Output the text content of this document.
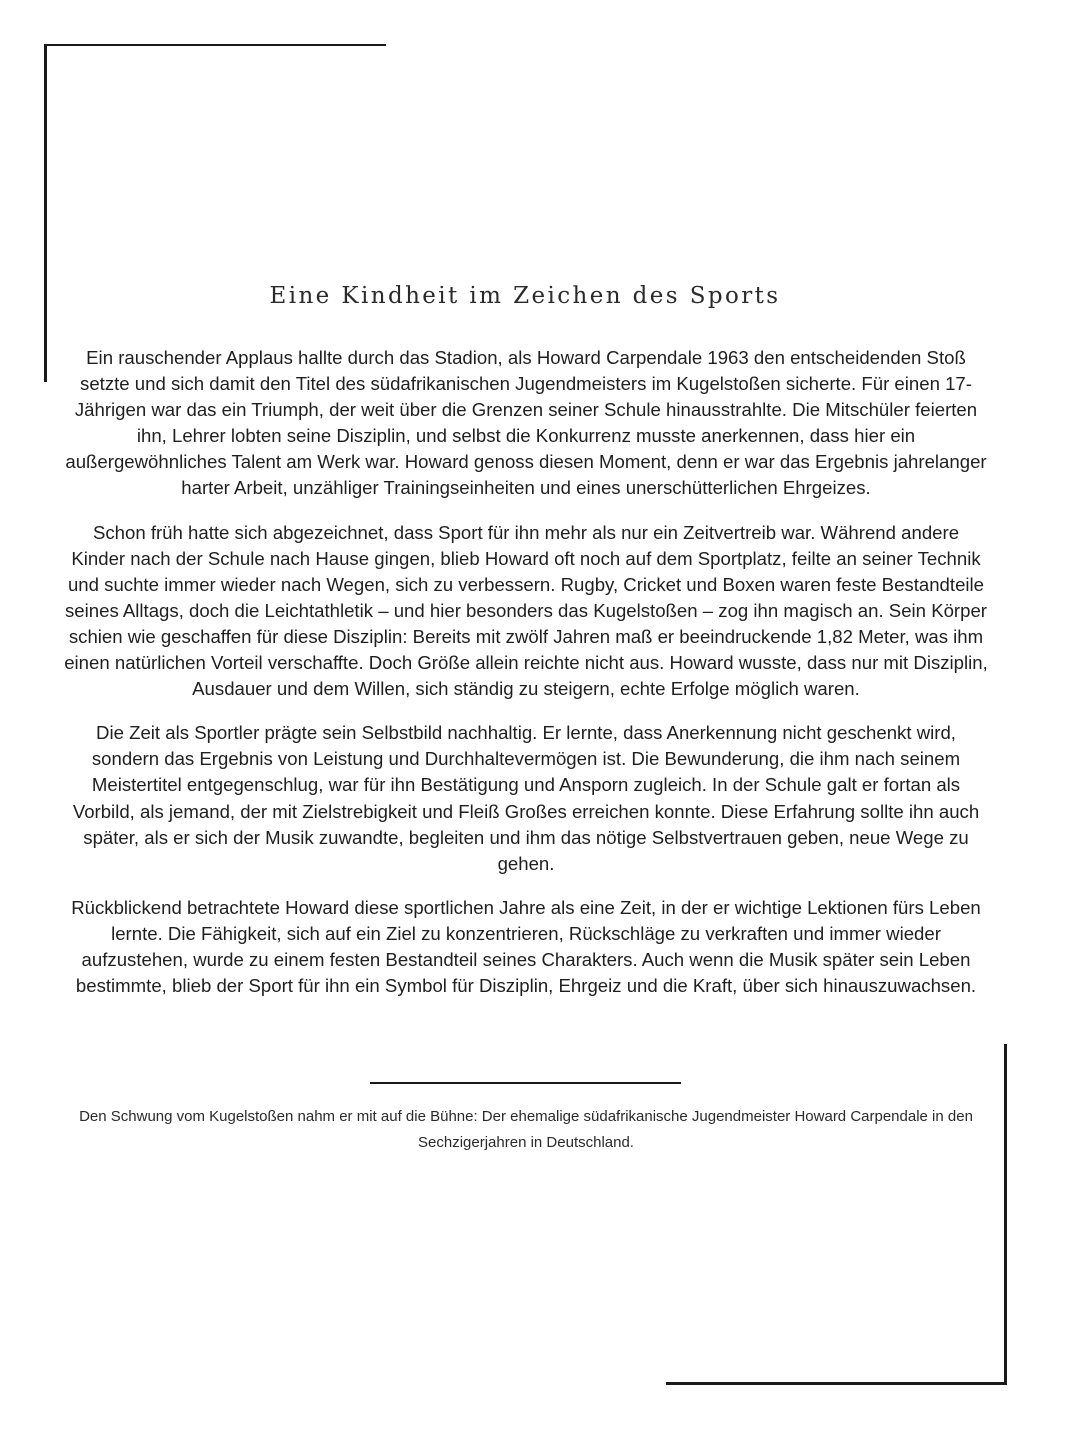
Eine Kindheit im Zeichen des Sports

Ein rauschender Applaus hallte durch das Stadion, als Howard Carpendale 1963 den entscheidenden Stoß setzte und sich damit den Titel des südafrikanischen Jugendmeisters im Kugelstoßen sicherte. Für einen 17-Jährigen war das ein Triumph, der weit über die Grenzen seiner Schule hinausstrahlte. Die Mitschüler feierten ihn, Lehrer lobten seine Disziplin, und selbst die Konkurrenz musste anerkennen, dass hier ein außergewöhnliches Talent am Werk war. Howard genoss diesen Moment, denn er war das Ergebnis jahrelanger harter Arbeit, unzähliger Trainingseinheiten und eines unerschütterlichen Ehrgeizes.

Schon früh hatte sich abgezeichnet, dass Sport für ihn mehr als nur ein Zeitvertreib war. Während andere Kinder nach der Schule nach Hause gingen, blieb Howard oft noch auf dem Sportplatz, feilte an seiner Technik und suchte immer wieder nach Wegen, sich zu verbessern. Rugby, Cricket und Boxen waren feste Bestandteile seines Alltags, doch die Leichtathletik – und hier besonders das Kugelstoßen – zog ihn magisch an. Sein Körper schien wie geschaffen für diese Disziplin: Bereits mit zwölf Jahren maß er beeindruckende 1,82 Meter, was ihm einen natürlichen Vorteil verschaffte. Doch Größe allein reichte nicht aus. Howard wusste, dass nur mit Disziplin, Ausdauer und dem Willen, sich ständig zu steigern, echte Erfolge möglich waren.

Die Zeit als Sportler prägte sein Selbstbild nachhaltig. Er lernte, dass Anerkennung nicht geschenkt wird, sondern das Ergebnis von Leistung und Durchhaltevermögen ist. Die Bewunderung, die ihm nach seinem Meistertitel entgegenschlug, war für ihn Bestätigung und Ansporn zugleich. In der Schule galt er fortan als Vorbild, als jemand, der mit Zielstrebigkeit und Fleiß Großes erreichen konnte. Diese Erfahrung sollte ihn auch später, als er sich der Musik zuwandte, begleiten und ihm das nötige Selbstvertrauen geben, neue Wege zu gehen.

Rückblickend betrachtete Howard diese sportlichen Jahre als eine Zeit, in der er wichtige Lektionen fürs Leben lernte. Die Fähigkeit, sich auf ein Ziel zu konzentrieren, Rückschläge zu verkraften und immer wieder aufzustehen, wurde zu einem festen Bestandteil seines Charakters. Auch wenn die Musik später sein Leben bestimmte, blieb der Sport für ihn ein Symbol für Disziplin, Ehrgeiz und die Kraft, über sich hinauszuwachsen.

Den Schwung vom Kugelstoßen nahm er mit auf die Bühne: Der ehemalige südafrikanische Jugendmeister Howard Carpendale in den Sechzigerjahren in Deutschland.
